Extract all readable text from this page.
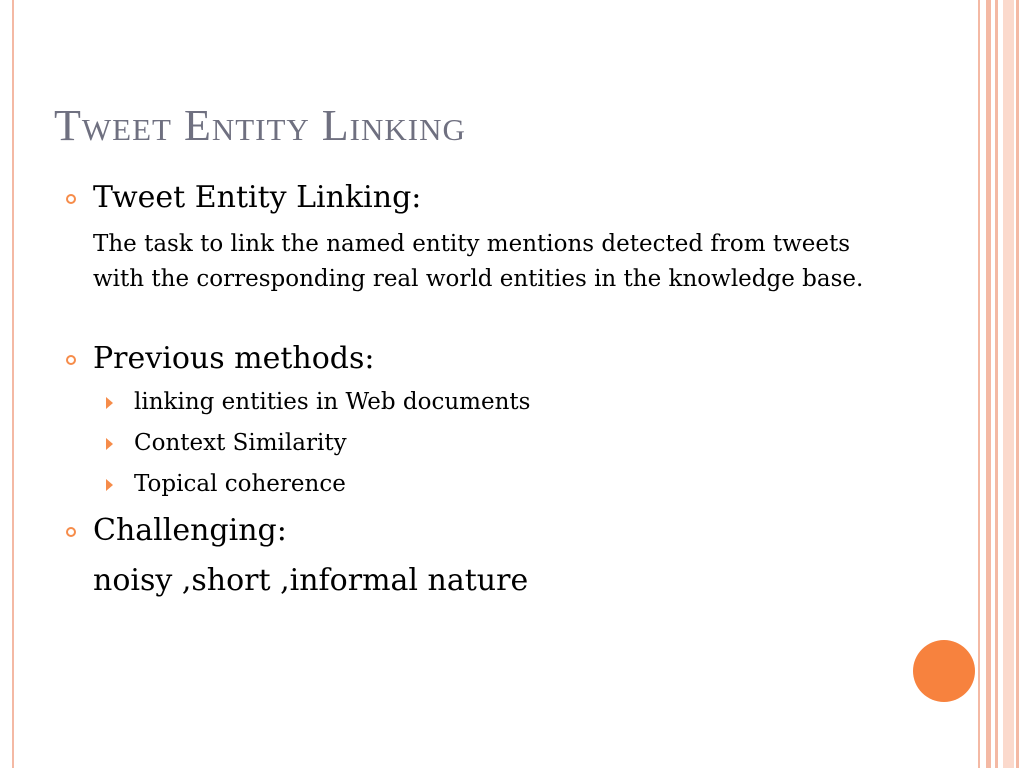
Tweet Entity Linking
Tweet Entity Linking:
The task to link the named entity mentions detected from tweets with the corresponding real world entities in the knowledge base.
Previous methods:
linking entities in Web documents
Context Similarity
Topical coherence
Challenging:
noisy ,short ,informal nature
